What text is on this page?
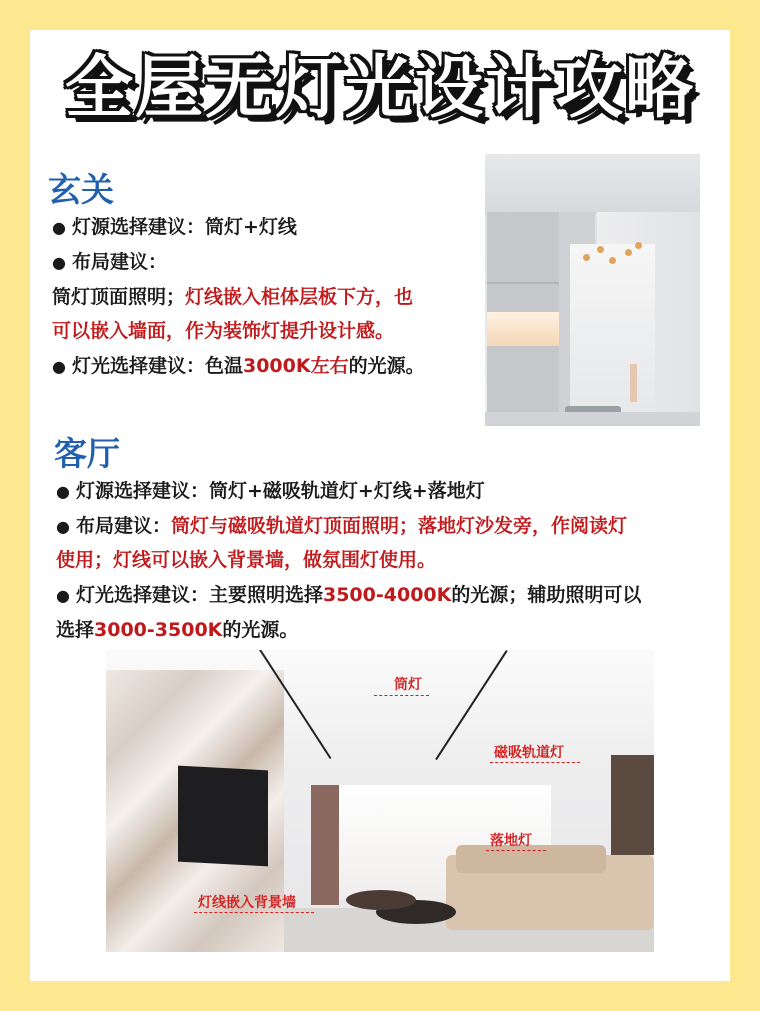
全屋无灯光设计攻略
玄关
● 灯源选择建议：筒灯+灯线
● 布局建议：
筒灯顶面照明；灯线嵌入柜体层板下方，也
可以嵌入墙面，作为装饰灯提升设计感。
● 灯光选择建议：色温3000K左右的光源。
客厅
● 灯源选择建议：筒灯+磁吸轨道灯+灯线+落地灯
● 布局建议：筒灯与磁吸轨道灯顶面照明；落地灯沙发旁，作阅读灯
使用；灯线可以嵌入背景墙，做氛围灯使用。
● 灯光选择建议：主要照明选择3500-4000K的光源；辅助照明可以
选择3000-3500K的光源。
筒灯
磁吸轨道灯
落地灯
灯线嵌入背景墙
